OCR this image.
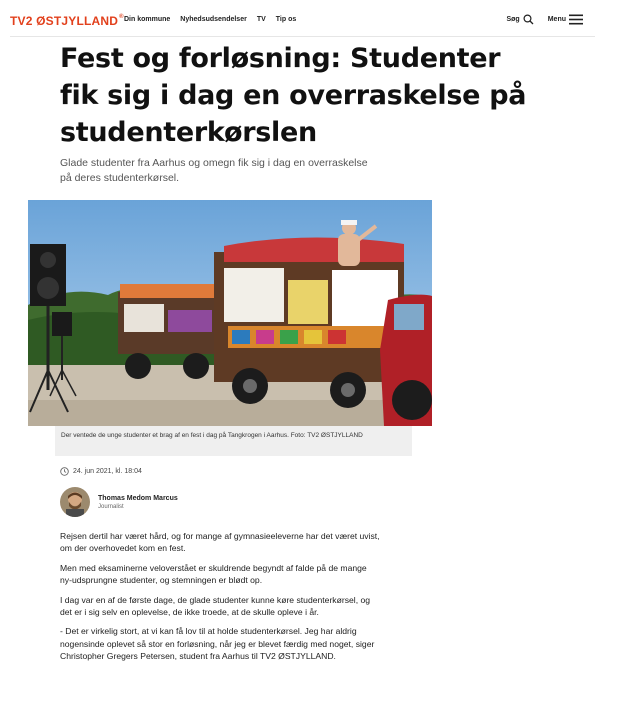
TV2 ØSTJYLLAND® Din kommune Nyhedsudsendelser TV Tip os	Søg	Menu
Fest og forløsning: Studenter fik sig i dag en overraskelse på studenterkørslen

Glade studenter fra Aarhus og omegn fik sig i dag en overraskelse på deres studenterkørsel.

Der ventede de unge studenter et brag af en fest i dag på Tangkrogen i Aarhus. Foto: TV2 ØSTJYLLAND
24. jun 2021, kl. 18:04
Thomas Medom Marcus
Journalist

Rejsen dertil har været hård, og for mange af gymnasieeleverne har det været uvist, om der overhovedet kom en fest.

Men med eksaminerne veloverstået er skuldrende begyndt af falde på de mange ny-udsprungne studenter, og stemningen er blødt op.

I dag var en af de første dage, de glade studenter kunne køre studenterkørsel, og det er i sig selv en oplevelse, de ikke troede, at de skulle opleve i år.

- Det er virkelig stort, at vi kan få lov til at holde studenterkørsel. Jeg har aldrig nogensinde oplevet så stor en forløsning, når jeg er blevet færdig med noget, siger Christopher Gregers Petersen, student fra Aarhus til TV2 ØSTJYLLAND.
